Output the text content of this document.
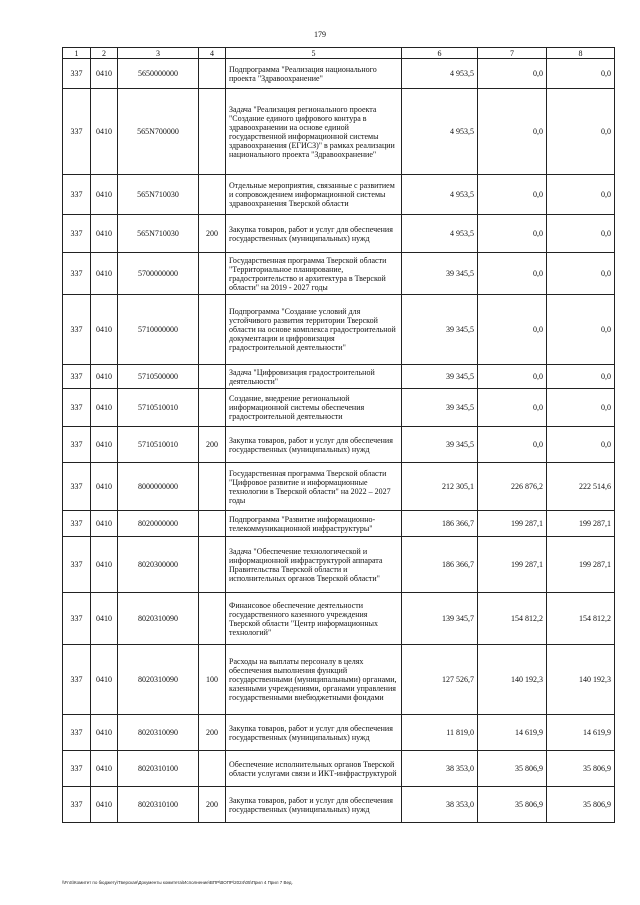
179
1	2	3	4	5	6	7	8
337	0410	5650000000		Подпрограмма "Реализация национального проекта "Здравоохранение"	4 953,5	0,0	0,0
337	0410	565N700000		Задача "Реализация регионального проекта "Создание единого цифрового контура в здравоохранении на основе единой государственной информационной системы здравоохранения (ЕГИСЗ)" в рамках реализации национального проекта "Здравоохранение"	4 953,5	0,0	0,0
337	0410	565N710030		Отдельные мероприятия, связанные с развитием и сопровождением информационной системы здравоохранения Тверской области	4 953,5	0,0	0,0
337	0410	565N710030	200	Закупка товаров, работ и услуг для обеспечения государственных (муниципальных) нужд	4 953,5	0,0	0,0
337	0410	5700000000		Государственная программа Тверской области "Территориальное планирование, градостроительство и архитектура в Тверской области" на 2019 - 2027 годы	39 345,5	0,0	0,0
337	0410	5710000000		Подпрограмма "Создание условий для устойчивого развития территории Тверской области на основе комплекса градостроительной документации и цифровизация градостроительной деятельности"	39 345,5	0,0	0,0
337	0410	5710500000		Задача "Цифровизация градостроительной деятельности"	39 345,5	0,0	0,0
337	0410	5710510010		Создание, внедрение региональной информационной системы обеспечения градостроительной деятельности	39 345,5	0,0	0,0
337	0410	5710510010	200	Закупка товаров, работ и услуг для обеспечения государственных (муниципальных) нужд	39 345,5	0,0	0,0
337	0410	8000000000		Государственная программа Тверской области "Цифровое развитие и информационные технологии в Тверской области" на 2022 – 2027 годы	212 305,1	226 876,2	222 514,6
337	0410	8020000000		Подпрограмма "Развитие информационно-телекоммуникационной инфраструктуры"	186 366,7	199 287,1	199 287,1
337	0410	8020300000		Задача "Обеспечение технологической и информационной инфраструктурой аппарата Правительства Тверской области и исполнительных органов Тверской области"	186 366,7	199 287,1	199 287,1
337	0410	8020310090		Финансовое обеспечение деятельности государственного казенного учреждения Тверской области "Центр информационных технологий"	139 345,7	154 812,2	154 812,2
337	0410	8020310090	100	Расходы на выплаты персоналу в целях обеспечения выполнения функций государственными (муниципальными) органами, казенными учреждениями, органами управления государственными внебюджетными фондами	127 526,7	140 192,3	140 192,3
337	0410	8020310090	200	Закупка товаров, работ и услуг для обеспечения государственных (муниципальных) нужд	11 819,0	14 619,9	14 619,9
337	0410	8020310100		Обеспечение исполнительных органов Тверской области услугами связи и ИКТ-инфраструктурой	38 353,0	35 806,9	35 806,9
337	0410	8020310100	200	Закупка товаров, работ и услуг для обеспечения государственных (муниципальных) нужд	38 353,0	35 806,9	35 806,9
\\FnS\Комитет по бюджету\Тверская\Документы комитета\Исполнение\ВПР\ВОПР\2024\05\Прил 4 Прил 7 Вед.
